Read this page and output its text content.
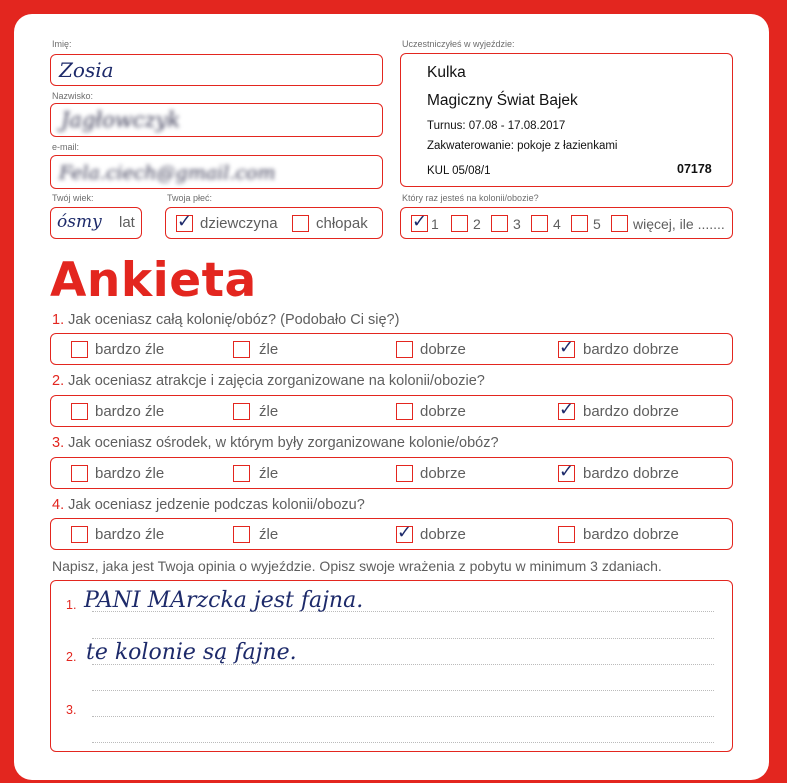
Imię:
Zosia
Nazwisko:
Jagłowczyk
e-mail:
Fela.ciech@gmail.com
Twój wiek:
ósmy lat
Twoja płeć:
✓ dziewczyna	chłopak
Uczestniczyłeś w wyjeździe:
Kulka
Magiczny Świat Bajek
Turnus: 07.08 - 17.08.2017
Zakwaterowanie: pokoje z łazienkami
KUL 05/08/1	07178
Który raz jesteś na kolonii/obozie?
✓ 1 2 3 4 5 więcej, ile .......
Ankieta
1. Jak oceniasz całą kolonię/obóz? (Podobało Ci się?)
bardzo źle	źle	dobrze	✓ bardzo dobrze
2. Jak oceniasz atrakcje i zajęcia zorganizowane na kolonii/obozie?
bardzo źle	źle	dobrze	✓ bardzo dobrze
3. Jak oceniasz ośrodek, w którym były zorganizowane kolonie/obóz?
bardzo źle	źle	dobrze	✓ bardzo dobrze
4. Jak oceniasz jedzenie podczas kolonii/obozu?
bardzo źle	źle	✓ dobrze	bardzo dobrze
Napisz, jaka jest Twoja opinia o wyjeździe. Opisz swoje wrażenia z pobytu w minimum 3 zdaniach.
1.
2.
3.
PANI MArzcka jest fajna.
te kolonie są fajne.
